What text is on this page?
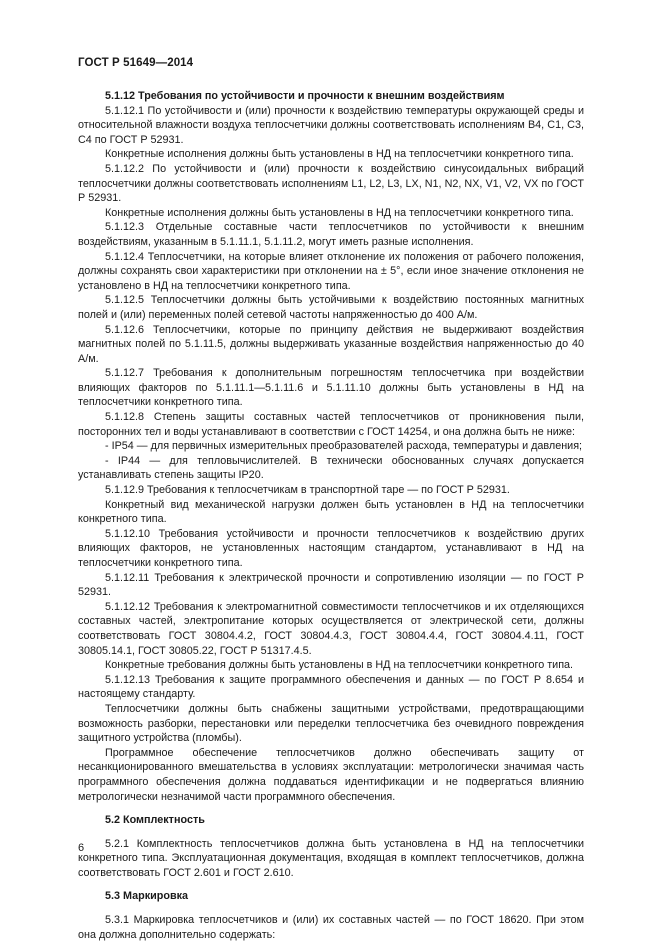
ГОСТ Р 51649—2014

5.1.12 Требования по устойчивости и прочности к внешним воздействиям

5.1.12.1 По устойчивости и (или) прочности к воздействию температуры окружающей среды и относительной влажности воздуха теплосчетчики должны соответствовать исполнениям В4, С1, С3, С4 по ГОСТ Р 52931.

Конкретные исполнения должны быть установлены в НД на теплосчетчики конкретного типа.

5.1.12.2 По устойчивости и (или) прочности к воздействию синусоидальных вибраций теплосчетчики должны соответствовать исполнениям L1, L2, L3, LX, N1, N2, NX, V1, V2, VX по ГОСТ Р 52931.

Конкретные исполнения должны быть установлены в НД на теплосчетчики конкретного типа.

5.1.12.3 Отдельные составные части теплосчетчиков по устойчивости к внешним воздействиям, указанным в 5.1.11.1, 5.1.11.2, могут иметь разные исполнения.

5.1.12.4 Теплосчетчики, на которые влияет отклонение их положения от рабочего положения, должны сохранять свои характеристики при отклонении на ± 5°, если иное значение отклонения не установлено в НД на теплосчетчики конкретного типа.

5.1.12.5 Теплосчетчики должны быть устойчивыми к воздействию постоянных магнитных полей и (или) переменных полей сетевой частоты напряженностью до 400 А/м.

5.1.12.6 Теплосчетчики, которые по принципу действия не выдерживают воздействия магнитных полей по 5.1.11.5, должны выдерживать указанные воздействия напряженностью до 40 А/м.

5.1.12.7 Требования к дополнительным погрешностям теплосчетчика при воздействии влияющих факторов по 5.1.11.1—5.1.11.6 и 5.1.11.10 должны быть установлены в НД на теплосчетчики конкретного типа.

5.1.12.8 Степень защиты составных частей теплосчетчиков от проникновения пыли, посторонних тел и воды устанавливают в соответствии с ГОСТ 14254, и она должна быть не ниже:

- IP54 — для первичных измерительных преобразователей расхода, температуры и давления;

- IP44 — для тепловычислителей. В технически обоснованных случаях допускается устанавливать степень защиты IP20.

5.1.12.9 Требования к теплосчетчикам в транспортной таре — по ГОСТ Р 52931.

Конкретный вид механической нагрузки должен быть установлен в НД на теплосчетчики конкретного типа.

5.1.12.10 Требования устойчивости и прочности теплосчетчиков к воздействию других влияющих факторов, не установленных настоящим стандартом, устанавливают в НД на теплосчетчики конкретного типа.

5.1.12.11 Требования к электрической прочности и сопротивлению изоляции — по ГОСТ Р 52931.

5.1.12.12 Требования к электромагнитной совместимости теплосчетчиков и их отделяющихся составных частей, электропитание которых осуществляется от электрической сети, должны соответствовать ГОСТ 30804.4.2, ГОСТ 30804.4.3, ГОСТ 30804.4.4, ГОСТ 30804.4.11, ГОСТ 30805.14.1, ГОСТ 30805.22, ГОСТ Р 51317.4.5.

Конкретные требования должны быть установлены в НД на теплосчетчики конкретного типа.

5.1.12.13 Требования к защите программного обеспечения и данных — по ГОСТ Р 8.654 и настоящему стандарту.

Теплосчетчики должны быть снабжены защитными устройствами, предотвращающими возможность разборки, перестановки или переделки теплосчетчика без очевидного повреждения защитного устройства (пломбы).

Программное обеспечение теплосчетчиков должно обеспечивать защиту от несанкционированного вмешательства в условиях эксплуатации: метрологически значимая часть программного обеспечения должна поддаваться идентификации и не подвергаться влиянию метрологически незначимой части программного обеспечения.

5.2 Комплектность

5.2.1 Комплектность теплосчетчиков должна быть установлена в НД на теплосчетчики конкретного типа. Эксплуатационная документация, входящая в комплект теплосчетчиков, должна соответствовать ГОСТ 2.601 и ГОСТ 2.610.

5.3 Маркировка

5.3.1 Маркировка теплосчетчиков и (или) их составных частей — по ГОСТ 18620. При этом она должна дополнительно содержать:

6
